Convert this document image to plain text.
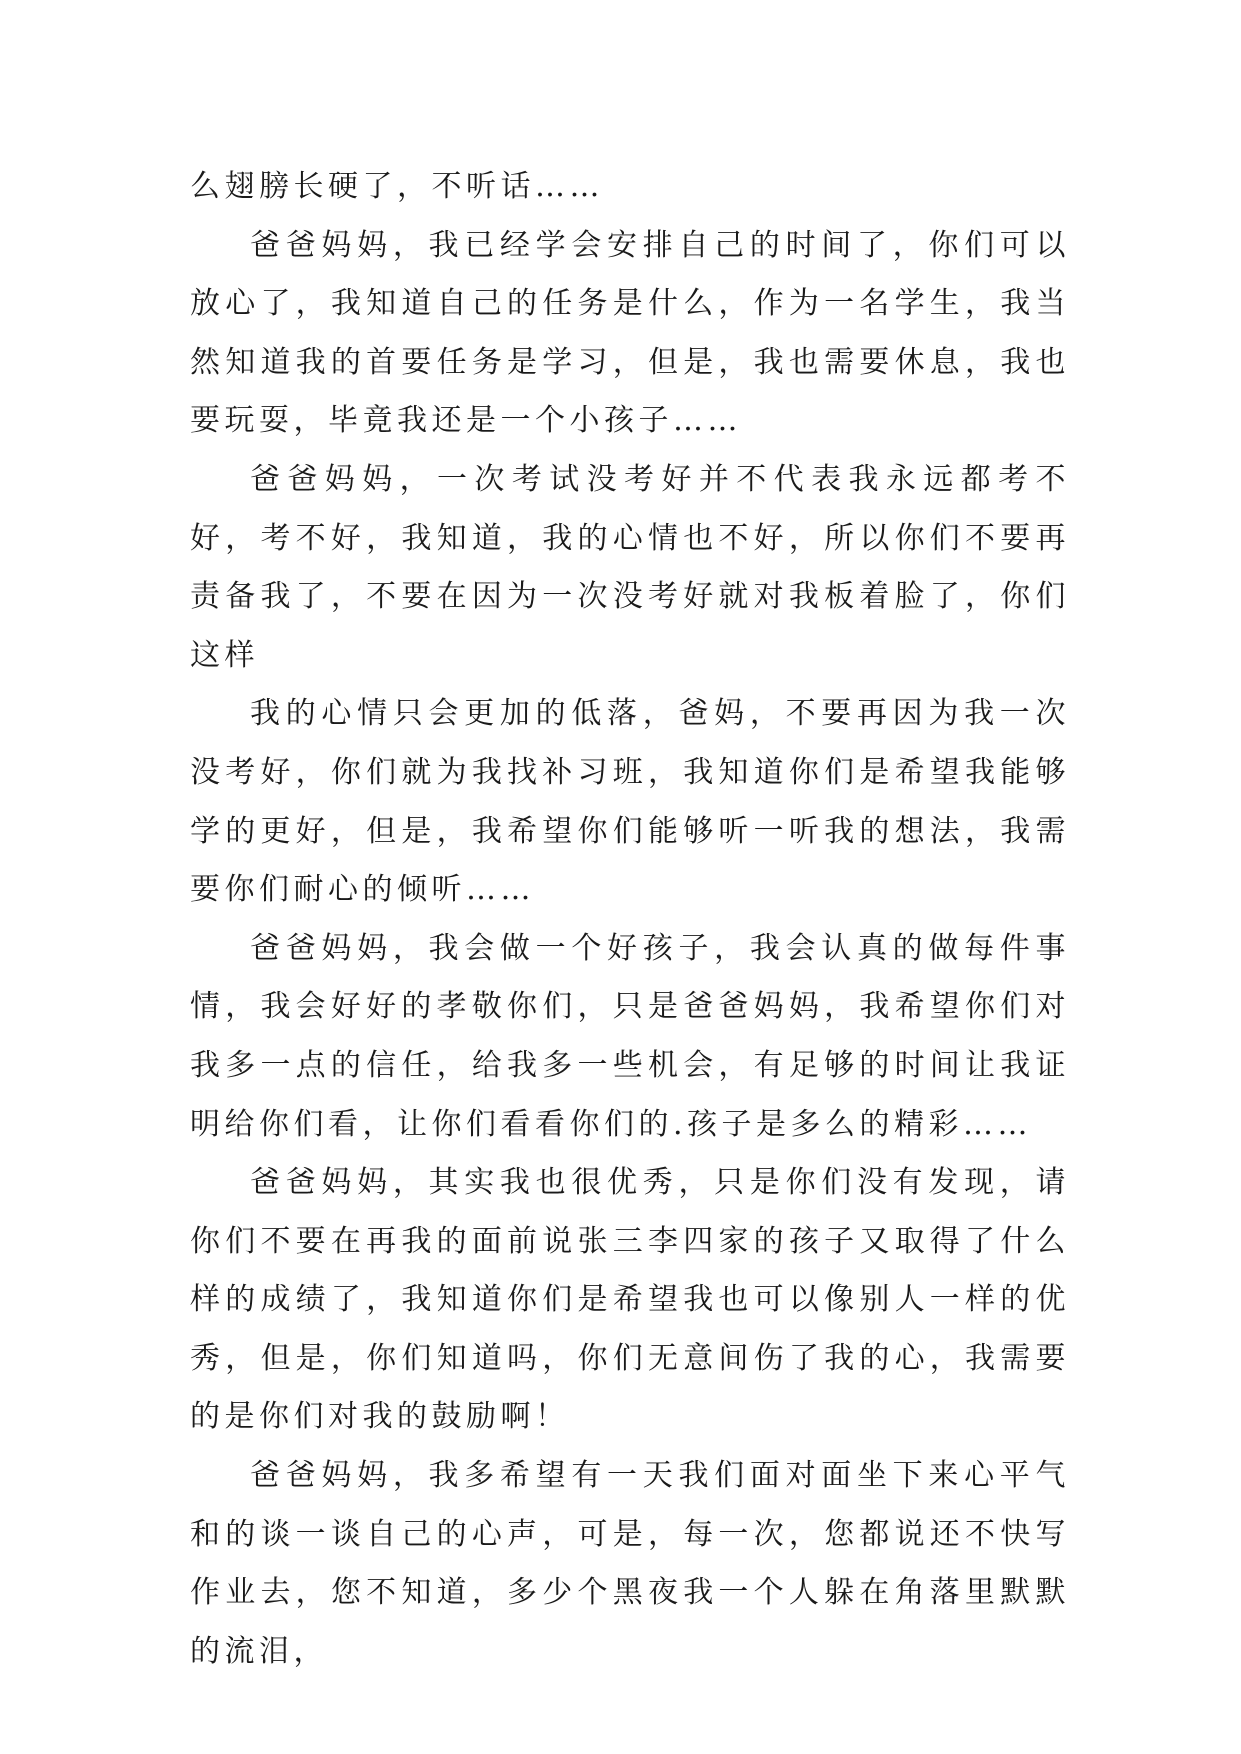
么翅膀长硬了，不听话……

爸爸妈妈，我已经学会安排自己的时间了，你们可以放心了，我知道自己的任务是什么，作为一名学生，我当然知道我的首要任务是学习，但是，我也需要休息，我也要玩耍，毕竟我还是一个小孩子……

爸爸妈妈，一次考试没考好并不代表我永远都考不好，考不好，我知道，我的心情也不好，所以你们不要再责备我了，不要在因为一次没考好就对我板着脸了，你们这样

我的心情只会更加的低落，爸妈，不要再因为我一次没考好，你们就为我找补习班，我知道你们是希望我能够学的更好，但是，我希望你们能够听一听我的想法，我需要你们耐心的倾听……

爸爸妈妈，我会做一个好孩子，我会认真的做每件事情，我会好好的孝敬你们，只是爸爸妈妈，我希望你们对我多一点的信任，给我多一些机会，有足够的时间让我证明给你们看，让你们看看你们的.孩子是多么的精彩……

爸爸妈妈，其实我也很优秀，只是你们没有发现，请你们不要在再我的面前说张三李四家的孩子又取得了什么样的成绩了，我知道你们是希望我也可以像别人一样的优秀，但是，你们知道吗，你们无意间伤了我的心，我需要的是你们对我的鼓励啊！

爸爸妈妈，我多希望有一天我们面对面坐下来心平气和的谈一谈自己的心声，可是，每一次，您都说还不快写作业去，您不知道，多少个黑夜我一个人躲在角落里默默的流泪，
